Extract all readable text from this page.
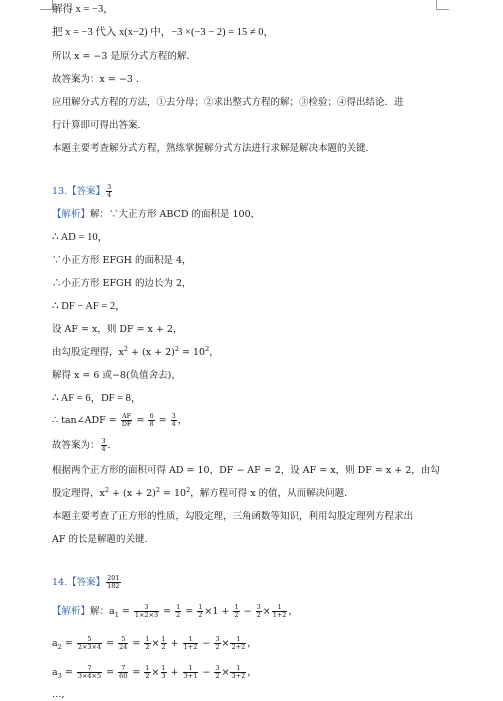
解得 x = −3，
把 x = −3 代入 x(x−2) 中，−3 ×(−3 − 2) = 15 ≠ 0，
所以 x = −3 是原分式方程的解.
故答案为：x = −3 .
应用解分式方程的方法，①去分母；②求出整式方程的解；③检验；④得出结论．进
行计算即可得出答案.
本题主要考查解分式方程，熟练掌握解分式方法进行求解是解决本题的关键.
13.【答案】 $\frac{3}{4}$
【解析】解：∵大正方形 ABCD 的面积是 100，
∴ AD = 10，
∵小正方形 EFGH 的面积是 4，
∴小正方形 EFGH 的边长为 2，
∴ DF − AF = 2，
设 AF = x，则 DF = x + 2，
由勾股定理得，$x^2 + (x + 2)^2 = 10^2$，
解得 x = 6 或−8(负值舍去)，
∴ AF = 6，DF = 8，
∴ tan∠ADF = $\frac{AF}{DF} = \frac{6}{8} = \frac{3}{4}$ ，
故答案为： $\frac{3}{4}$ .
根据两个正方形的面积可得 AD = 10，DF − AF = 2，设 AF = x，则 DF = x + 2，由勾
股定理得，$x^2 + (x + 2)^2 = 10^2$，解方程可得 x 的值，从而解决问题.
本题主要考查了正方形的性质，勾股定理，三角函数等知识，利用勾股定理列方程求出
AF 的长是解题的关键.
14.【答案】 $\frac{201}{182}$
【解析】解：$a_1 = \frac{3}{1\times 2\times 3} = \frac{1}{2} = \frac{1}{2} \times 1 + \frac{1}{2} - \frac{3}{2} \times \frac{1}{1+2}$ ，
$a_2 = \frac{5}{2\times 3\times 4} = \frac{5}{24} = \frac{1}{2} \times \frac{1}{2} + \frac{1}{1+2} - \frac{3}{2} \times \frac{1}{2+2}$ ，
$a_3 = \frac{7}{3\times 4\times 5} = \frac{7}{60} = \frac{1}{2} \times \frac{1}{3} + \frac{1}{3+1} - \frac{3}{2} \times \frac{1}{3+2}$ ，
…,
